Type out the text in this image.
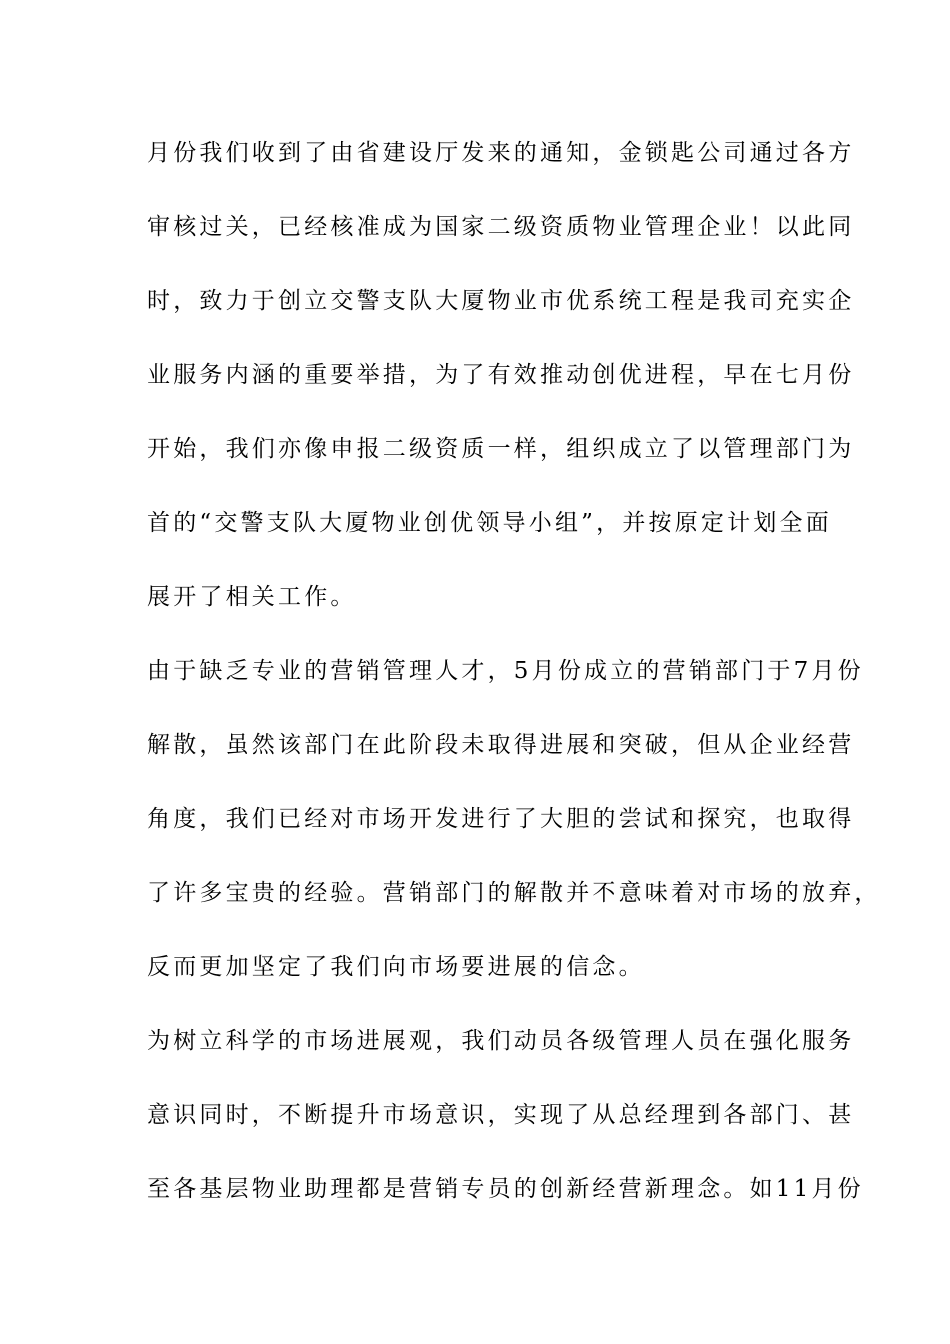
月份我们收到了由省建设厅发来的通知，金锁匙公司通过各方
审核过关，已经核准成为国家二级资质物业管理企业！以此同
时，致力于创立交警支队大厦物业市优系统工程是我司充实企
业服务内涵的重要举措，为了有效推动创优进程，早在七月份
开始，我们亦像申报二级资质一样，组织成立了以管理部门为
首的“交警支队大厦物业创优领导小组”，并按原定计划全面
展开了相关工作。
由于缺乏专业的营销管理人才，5月份成立的营销部门于7月份
解散，虽然该部门在此阶段未取得进展和突破，但从企业经营
角度，我们已经对市场开发进行了大胆的尝试和探究，也取得
了许多宝贵的经验。营销部门的解散并不意味着对市场的放弃，
反而更加坚定了我们向市场要进展的信念。
为树立科学的市场进展观，我们动员各级管理人员在强化服务
意识同时，不断提升市场意识，实现了从总经理到各部门、甚
至各基层物业助理都是营销专员的创新经营新理念。如11月份
